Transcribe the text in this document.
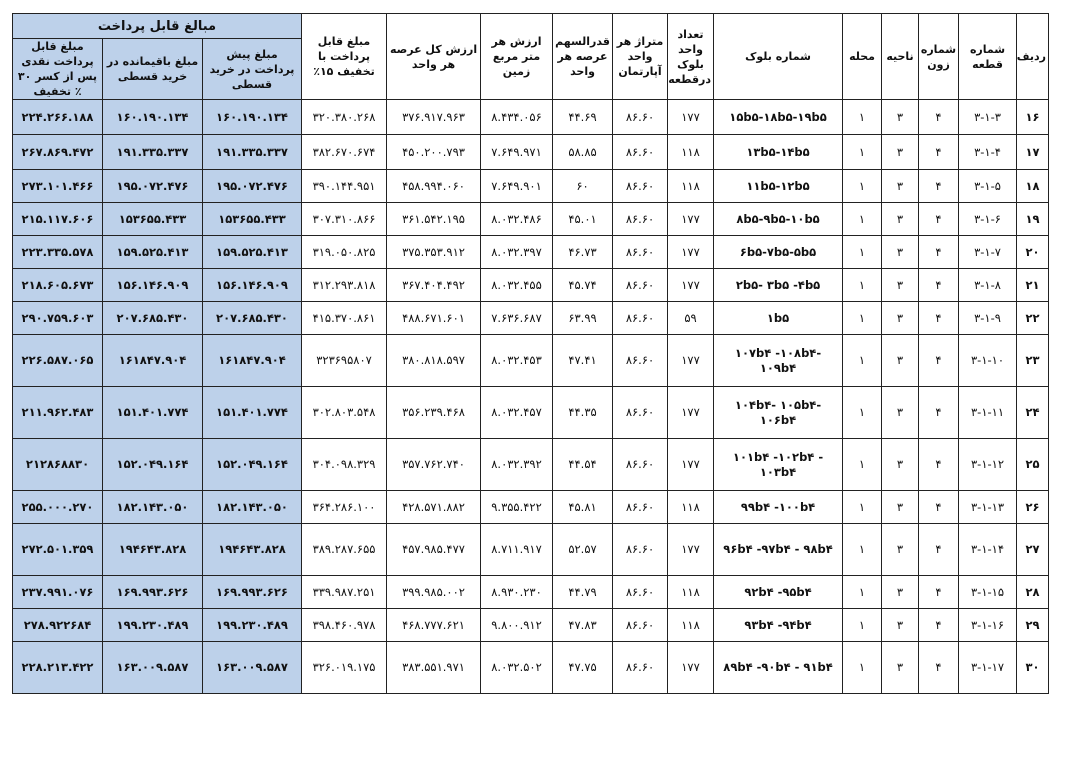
ردیف	شماره قطعه	شماره زون	ناحیه	محله	شماره بلوک	تعداد واحد بلوک درقطعه	متراژ هر واحد آپارتمان	قدرالسهم عرصه هر واحد	ارزش هر متر مربع زمین	ارزش کل عرصه هر واحد	مبلغ قابل پرداخت با تخفیف ۱۵٪	مبالغ قابل پرداخت		
												مبلغ پیش پرداخت در خرید قسطی	مبلغ باقیمانده در خرید قسطی	مبلغ قابل پرداخت نقدی پس از کسر ۳۰ ٪ تخفیف
۱۶	۳-۱-۳	۴	۳	۱	۱۵b۵-۱۸b۵-۱۹b۵	۱۷۷	۸۶.۶۰	۴۴.۶۹	۸.۴۳۴.۰۵۶	۳۷۶.۹۱۷.۹۶۳	۳۲۰.۳۸۰.۲۶۸	۱۶۰.۱۹۰.۱۳۴	۱۶۰.۱۹۰.۱۳۴	۲۲۴.۲۶۶.۱۸۸
۱۷	۳-۱-۴	۴	۳	۱	۱۳b۵-۱۴b۵	۱۱۸	۸۶.۶۰	۵۸.۸۵	۷.۶۴۹.۹۷۱	۴۵۰.۲۰۰.۷۹۳	۳۸۲.۶۷۰.۶۷۴	۱۹۱.۳۳۵.۳۳۷	۱۹۱.۳۳۵.۳۳۷	۲۶۷.۸۶۹.۴۷۲
۱۸	۳-۱-۵	۴	۳	۱	۱۱b۵-۱۲b۵	۱۱۸	۸۶.۶۰	۶۰	۷.۶۴۹.۹۰۱	۴۵۸.۹۹۴.۰۶۰	۳۹۰.۱۴۴.۹۵۱	۱۹۵.۰۷۲.۴۷۶	۱۹۵.۰۷۲.۴۷۶	۲۷۳.۱۰۱.۴۶۶
۱۹	۳-۱-۶	۴	۳	۱	۸b۵-۹b۵-۱۰b۵	۱۷۷	۸۶.۶۰	۴۵.۰۱	۸.۰۳۲.۴۸۶	۳۶۱.۵۴۲.۱۹۵	۳۰۷.۳۱۰.۸۶۶	۱۵۳۶۵۵.۴۳۳	۱۵۳۶۵۵.۴۳۳	۲۱۵.۱۱۷.۶۰۶
۲۰	۳-۱-۷	۴	۳	۱	۶b۵-۷b۵-۵b۵	۱۷۷	۸۶.۶۰	۴۶.۷۳	۸.۰۳۲.۳۹۷	۳۷۵.۳۵۳.۹۱۲	۳۱۹.۰۵۰.۸۲۵	۱۵۹.۵۲۵.۴۱۳	۱۵۹.۵۲۵.۴۱۳	۲۲۳.۳۳۵.۵۷۸
۲۱	۳-۱-۸	۴	۳	۱	۲b۵- ۳b۵ -۴b۵	۱۷۷	۸۶.۶۰	۴۵.۷۴	۸.۰۳۲.۴۵۵	۳۶۷.۴۰۴.۴۹۲	۳۱۲.۲۹۳.۸۱۸	۱۵۶.۱۴۶.۹۰۹	۱۵۶.۱۴۶.۹۰۹	۲۱۸.۶۰۵.۶۷۳
۲۲	۳-۱-۹	۴	۳	۱	۱b۵	۵۹	۸۶.۶۰	۶۳.۹۹	۷.۶۳۶.۶۸۷	۴۸۸.۶۷۱.۶۰۱	۴۱۵.۳۷۰.۸۶۱	۲۰۷.۶۸۵.۴۳۰	۲۰۷.۶۸۵.۴۳۰	۲۹۰.۷۵۹.۶۰۳
۲۳	۳-۱-۱۰	۴	۳	۱	۱۰۷b۴ -۱۰۸b۴- ۱۰۹b۴	۱۷۷	۸۶.۶۰	۴۷.۴۱	۸.۰۳۲.۴۵۳	۳۸۰.۸۱۸.۵۹۷	۳۲۳۶۹۵۸۰۷	۱۶۱۸۴۷.۹۰۴	۱۶۱۸۴۷.۹۰۴	۲۲۶.۵۸۷.۰۶۵
۲۴	۳-۱-۱۱	۴	۳	۱	۱۰۴b۴- ۱۰۵b۴- ۱۰۶b۴	۱۷۷	۸۶.۶۰	۴۴.۳۵	۸.۰۳۲.۴۵۷	۳۵۶.۲۳۹.۴۶۸	۳۰۲.۸۰۳.۵۴۸	۱۵۱.۴۰۱.۷۷۴	۱۵۱.۴۰۱.۷۷۴	۲۱۱.۹۶۲.۴۸۳
۲۵	۳-۱-۱۲	۴	۳	۱	۱۰۱b۴ -۱۰۲b۴ - ۱۰۳b۴	۱۷۷	۸۶.۶۰	۴۴.۵۴	۸.۰۳۲.۳۹۲	۳۵۷.۷۶۲.۷۴۰	۳۰۴.۰۹۸.۳۲۹	۱۵۲.۰۴۹.۱۶۴	۱۵۲.۰۴۹.۱۶۴	۲۱۲۸۶۸۸۳۰
۲۶	۳-۱-۱۳	۴	۳	۱	۹۹b۴ -۱۰۰b۴	۱۱۸	۸۶.۶۰	۴۵.۸۱	۹.۳۵۵.۴۲۲	۴۲۸.۵۷۱.۸۸۲	۳۶۴.۲۸۶.۱۰۰	۱۸۲.۱۴۳.۰۵۰	۱۸۲.۱۴۳.۰۵۰	۲۵۵.۰۰۰.۲۷۰
۲۷	۳-۱-۱۴	۴	۳	۱	۹۶b۴ -۹۷b۴ - ۹۸b۴	۱۷۷	۸۶.۶۰	۵۲.۵۷	۸.۷۱۱.۹۱۷	۴۵۷.۹۸۵.۴۷۷	۳۸۹.۲۸۷.۶۵۵	۱۹۴۶۴۳.۸۲۸	۱۹۴۶۴۳.۸۲۸	۲۷۲.۵۰۱.۳۵۹
۲۸	۳-۱-۱۵	۴	۳	۱	۹۲b۴ -۹۵b۴	۱۱۸	۸۶.۶۰	۴۴.۷۹	۸.۹۳۰.۲۳۰	۳۹۹.۹۸۵.۰۰۲	۳۳۹.۹۸۷.۲۵۱	۱۶۹.۹۹۳.۶۲۶	۱۶۹.۹۹۳.۶۲۶	۲۳۷.۹۹۱.۰۷۶
۲۹	۳-۱-۱۶	۴	۳	۱	۹۳b۴ -۹۴b۴	۱۱۸	۸۶.۶۰	۴۷.۸۳	۹.۸۰۰.۹۱۲	۴۶۸.۷۷۷.۶۲۱	۳۹۸.۴۶۰.۹۷۸	۱۹۹.۲۳۰.۴۸۹	۱۹۹.۲۳۰.۴۸۹	۲۷۸.۹۲۲۶۸۴
۳۰	۳-۱-۱۷	۴	۳	۱	۸۹b۴ -۹۰b۴ - ۹۱b۴	۱۷۷	۸۶.۶۰	۴۷.۷۵	۸.۰۳۲.۵۰۲	۳۸۳.۵۵۱.۹۷۱	۳۲۶.۰۱۹.۱۷۵	۱۶۳.۰۰۹.۵۸۷	۱۶۳.۰۰۹.۵۸۷	۲۲۸.۲۱۳.۴۲۲
